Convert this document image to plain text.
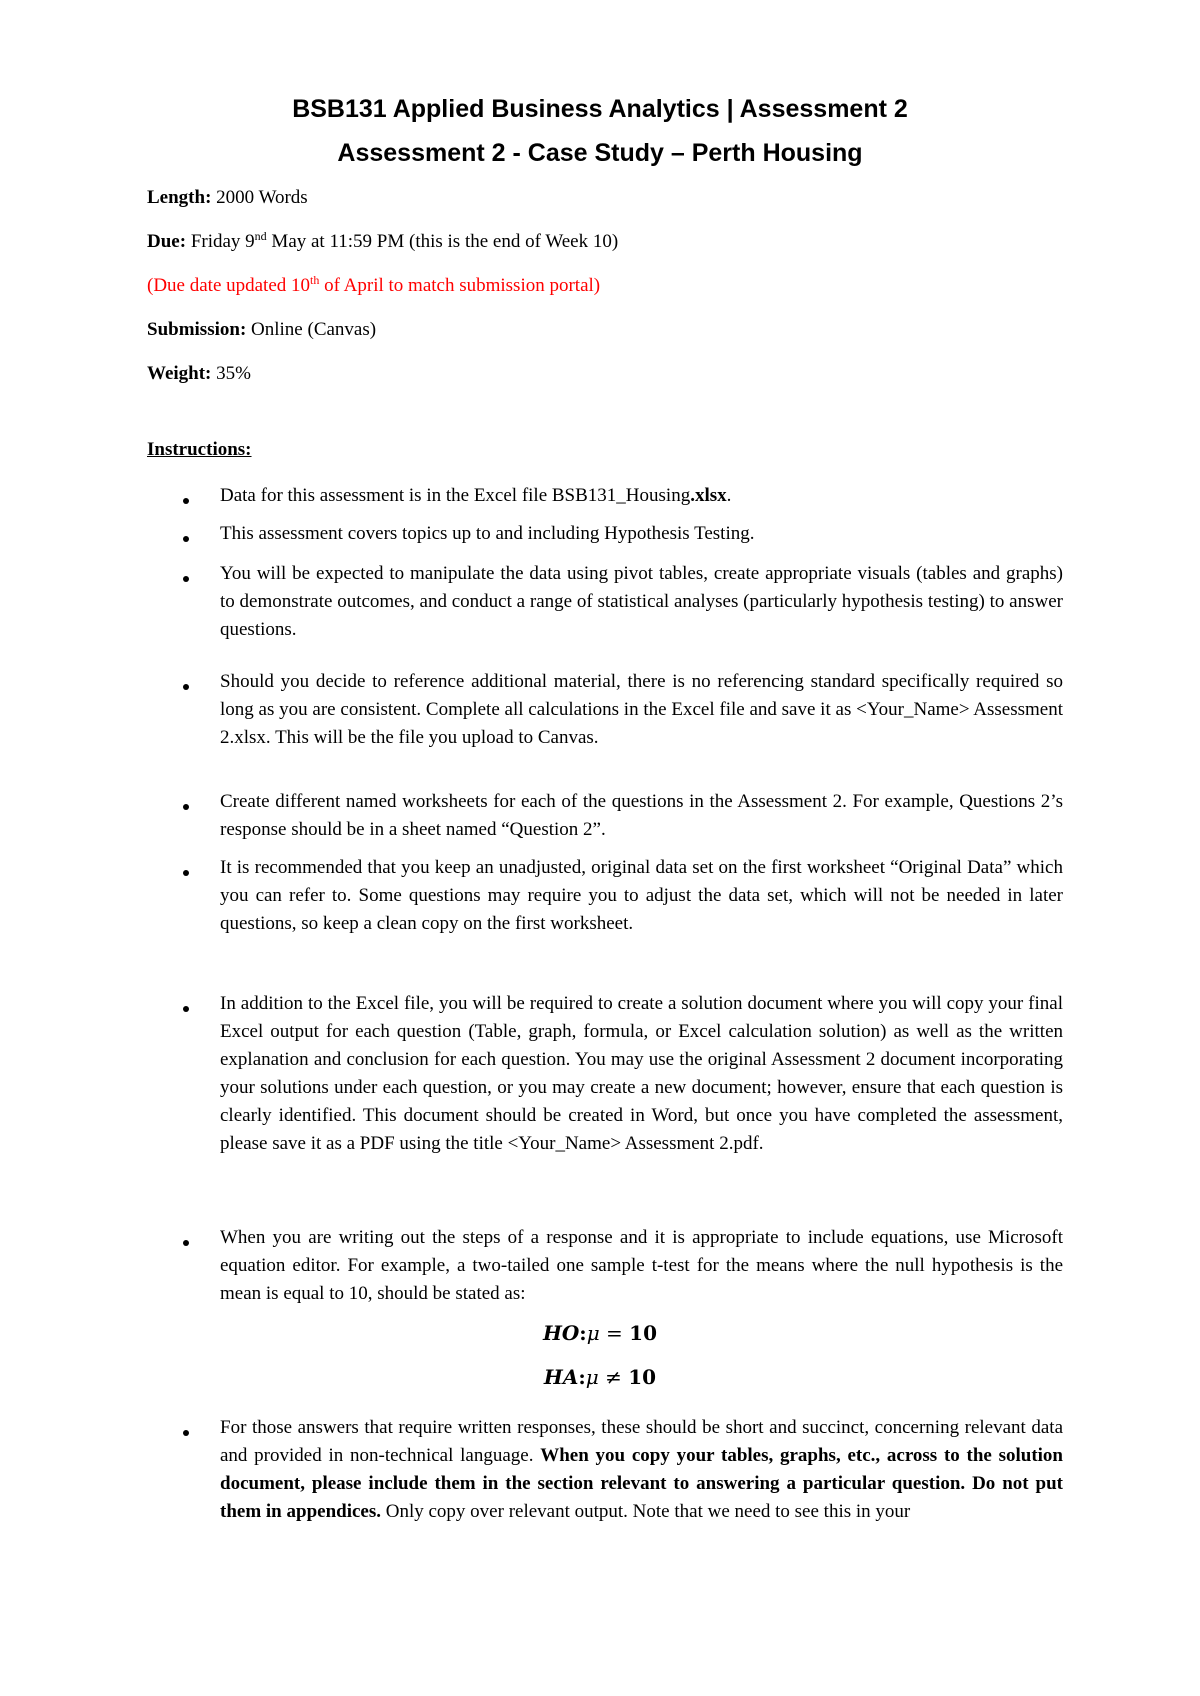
BSB131 Applied Business Analytics | Assessment 2
Assessment 2 - Case Study – Perth Housing
Length: 2000 Words
Due: Friday 9nd May at 11:59 PM (this is the end of Week 10)
(Due date updated 10th of April to match submission portal)
Submission: Online (Canvas)
Weight: 35%
Instructions:
Data for this assessment is in the Excel file BSB131_Housing.xlsx.
This assessment covers topics up to and including Hypothesis Testing.
You will be expected to manipulate the data using pivot tables, create appropriate visuals (tables and graphs) to demonstrate outcomes, and conduct a range of statistical analyses (particularly hypothesis testing) to answer questions.
Should you decide to reference additional material, there is no referencing standard specifically required so long as you are consistent. Complete all calculations in the Excel file and save it as <Your_Name> Assessment 2.xlsx. This will be the file you upload to Canvas.
Create different named worksheets for each of the questions in the Assessment 2. For example, Questions 2’s response should be in a sheet named “Question 2”.
It is recommended that you keep an unadjusted, original data set on the first worksheet “Original Data” which you can refer to. Some questions may require you to adjust the data set, which will not be needed in later questions, so keep a clean copy on the first worksheet.
In addition to the Excel file, you will be required to create a solution document where you will copy your final Excel output for each question (Table, graph, formula, or Excel calculation solution) as well as the written explanation and conclusion for each question. You may use the original Assessment 2 document incorporating your solutions under each question, or you may create a new document; however, ensure that each question is clearly identified. This document should be created in Word, but once you have completed the assessment, please save it as a PDF using the title <Your_Name> Assessment 2.pdf.
When you are writing out the steps of a response and it is appropriate to include equations, use Microsoft equation editor. For example, a two-tailed one sample t-test for the means where the null hypothesis is the mean is equal to 10, should be stated as:
HO:μ = 10
HA:μ ≠ 10
For those answers that require written responses, these should be short and succinct, concerning relevant data and provided in non-technical language. When you copy your tables, graphs, etc., across to the solution document, please include them in the section relevant to answering a particular question. Do not put them in appendices. Only copy over relevant output. Note that we need to see this in your
